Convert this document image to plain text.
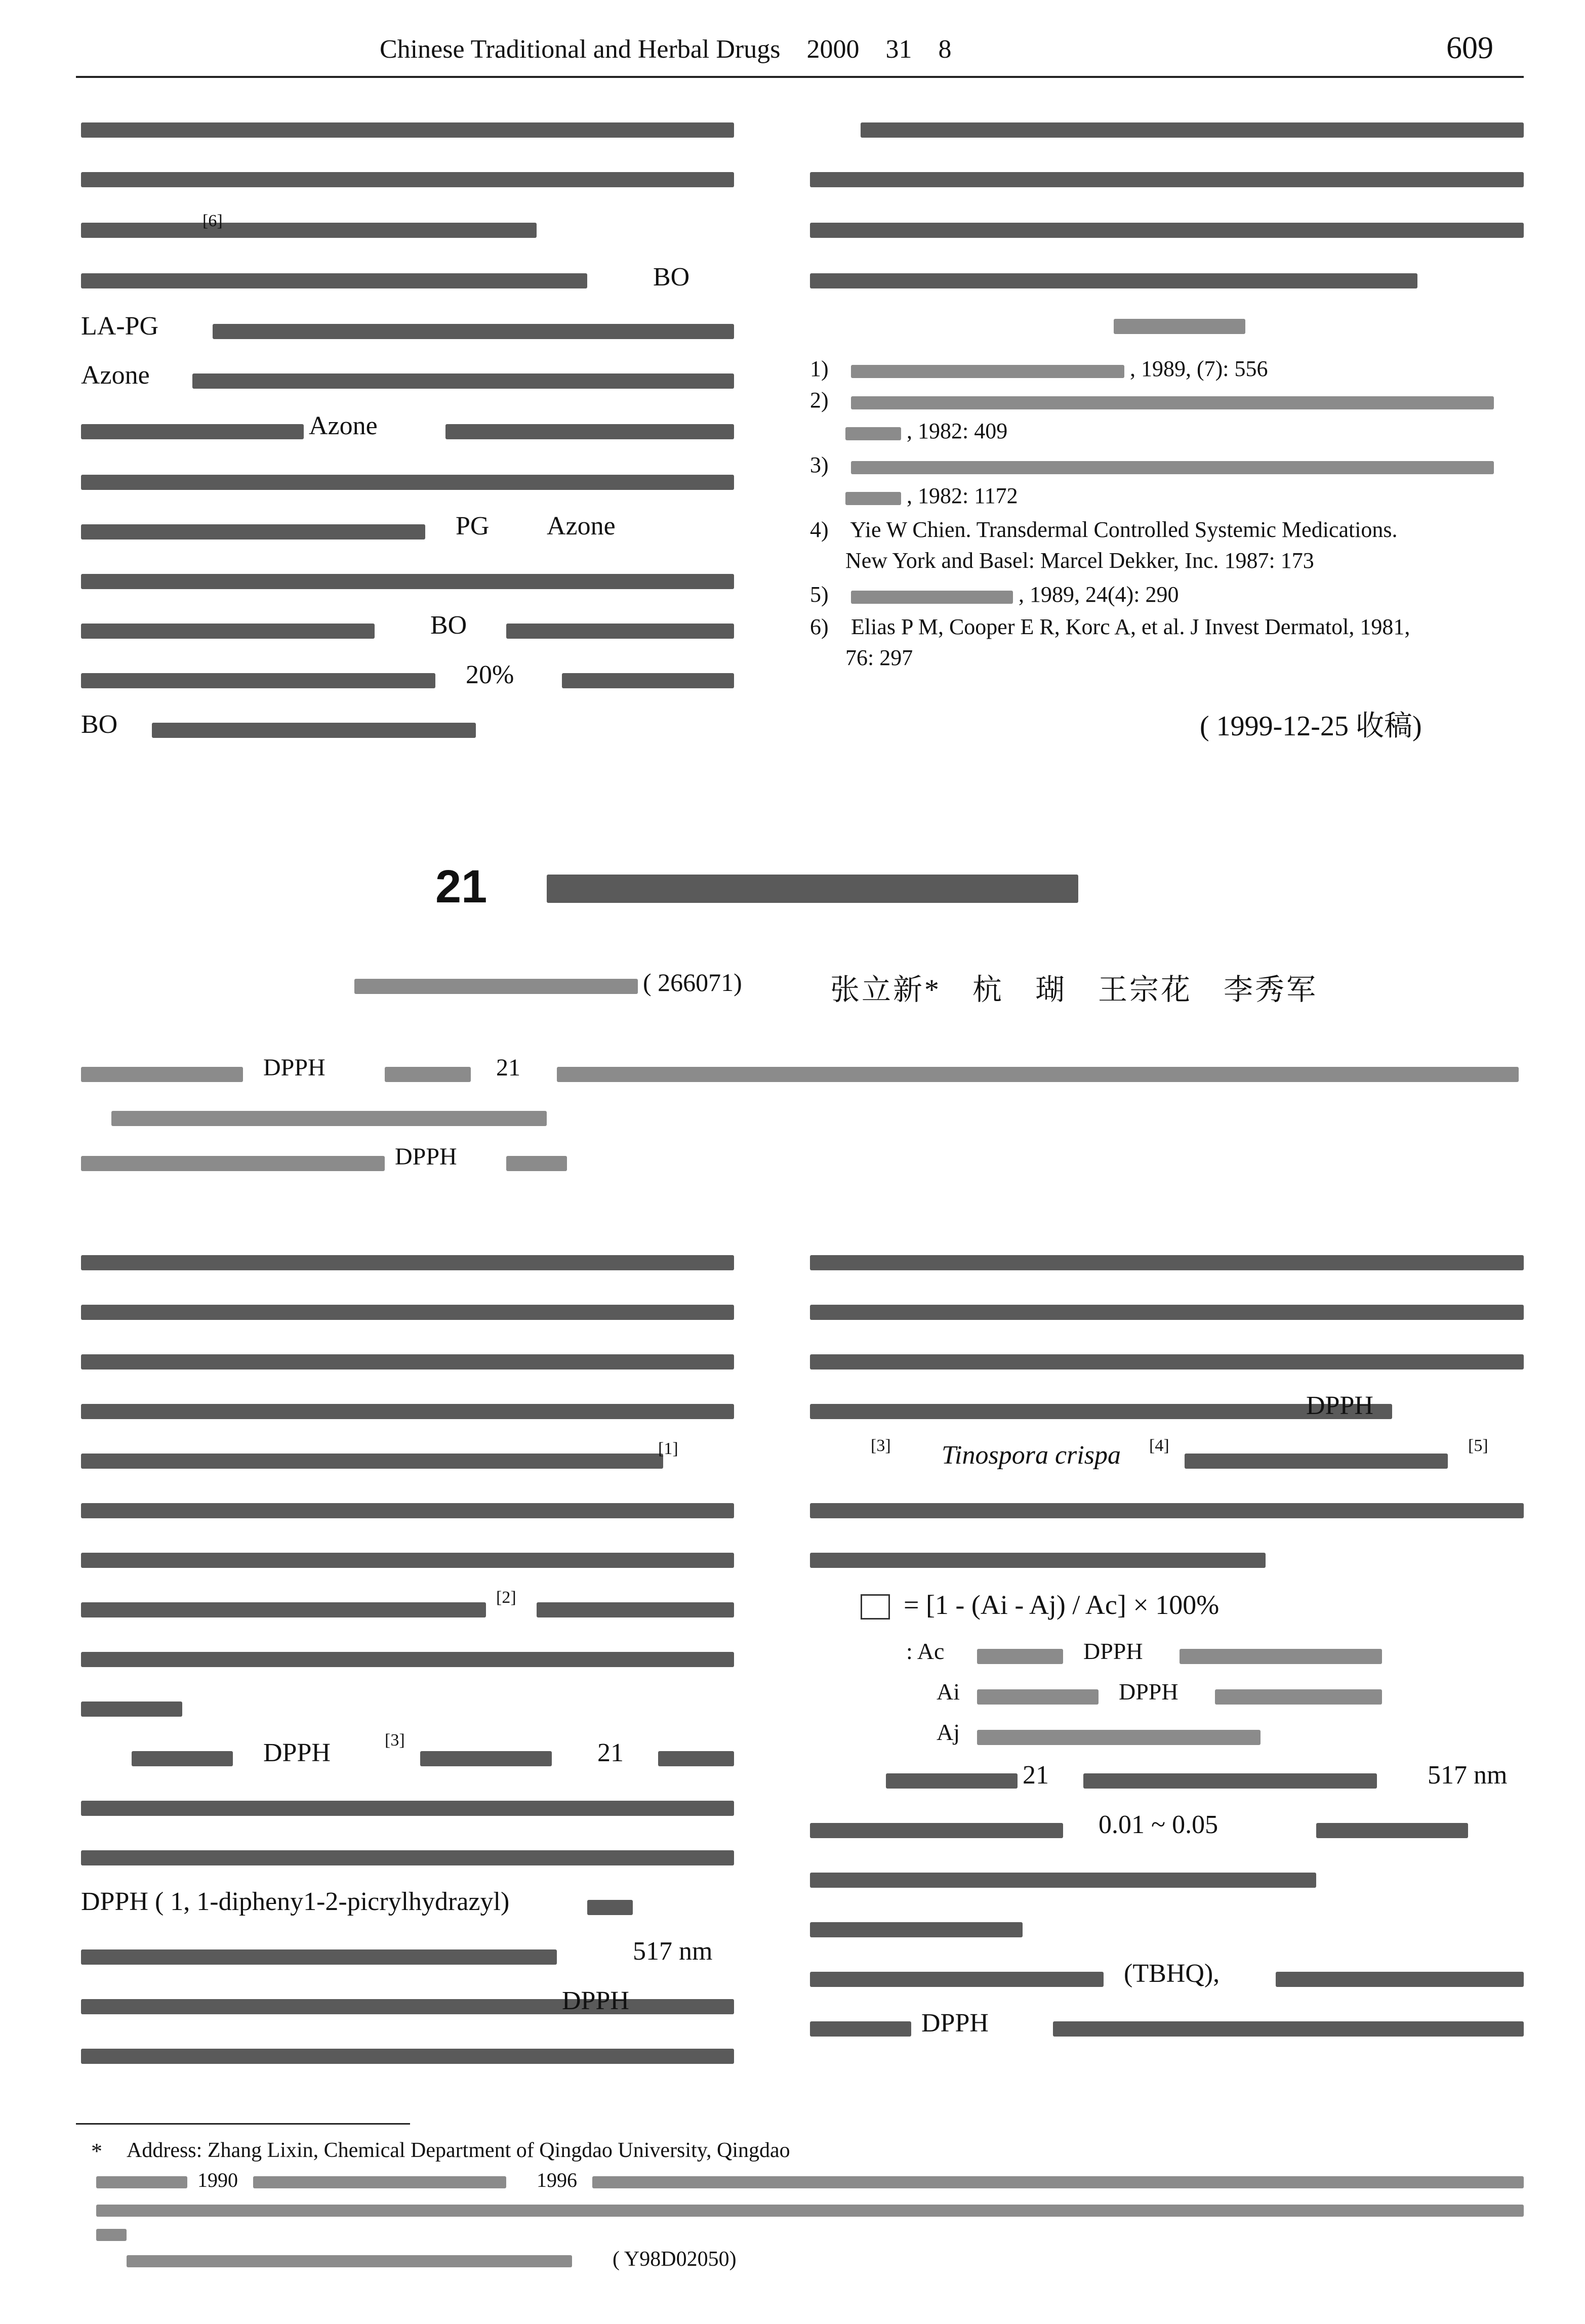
Chinese Traditional and Herbal Drugs 2000 31 8	609
[6]
BO
LA-PG
Azone
Azone
PG Azone
BO
20%
BO
1)	, 1989, (7): 556
2)
, 1982: 409
3)
, 1982: 1172
4) Yie W Chien. Transdermal Controlled Systemic Medications.
New York and Basel: Marcel Dekker, Inc. 1987: 173
5)	, 1989, 24(4): 290
6) Elias P M, Cooper E R, Korc A, et al. J Invest Dermatol, 1981,
76: 297
( 1999-12-25 收稿)
21
( 266071)	张立新*　杭　瑚　王宗花　李秀军
DPPH	21
DPPH
[1]
[2]
DPPH	[3]	21
DPPH ( 1, 1-dipheny1-2-picrylhydrazyl)
517 nm
DPPH
DPPH
[3] Tinospora crispa [4]	[5]
= [1 - (Ai - Aj) / Ac] × 100%
: Ac	DPPH
Ai	DPPH
Aj
21	517 nm
0.01 ~ 0.05
(TBHQ),
DPPH
* Address: Zhang Lixin, Chemical Department of Qingdao University, Qingdao
1990	1996
( Y98D02050)
